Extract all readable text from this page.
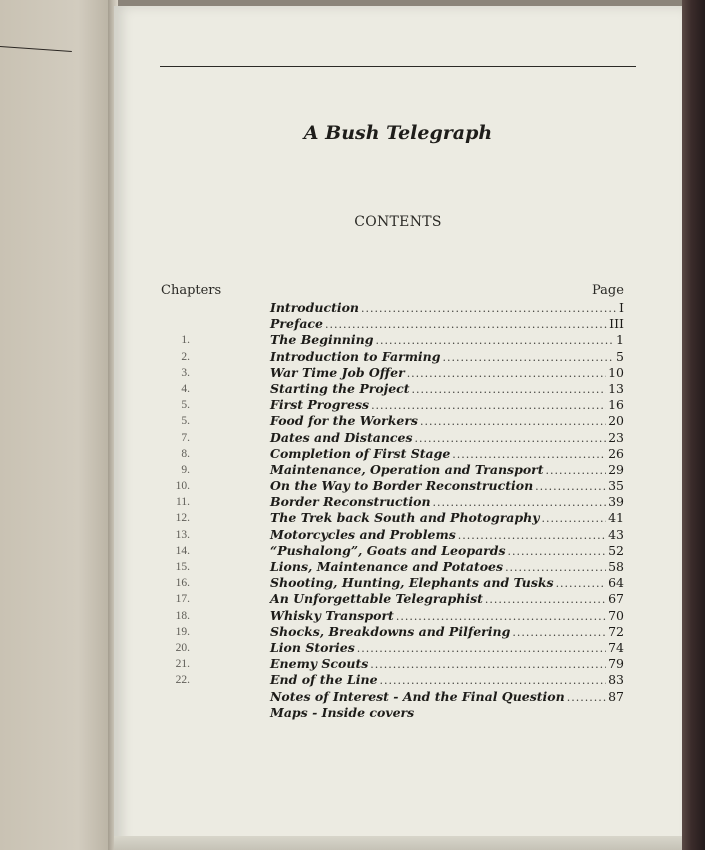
A Bush Telegraph
CONTENTS
Chapters	Page
Introduction .....	I
Preface .....	III
1.	The Beginning .....	1
2.	Introduction to Farming .....	5
3.	War Time Job Offer .....	10
4.	Starting the Project .....	13
5.	First Progress .....	16
5.	Food for the Workers .....	20
7.	Dates and Distances .....	23
8.	Completion of First Stage .....	26
9.	Maintenance, Operation and Transport .....	29
10.	On the Way to Border Reconstruction .....	35
11.	Border Reconstruction .....	39
12.	The Trek back South and Photography .....	41
13.	Motorcycles and Problems .....	43
14.	“Pushalong”, Goats and Leopards .....	52
15.	Lions, Maintenance and Potatoes .....	58
16.	Shooting, Hunting, Elephants and Tusks .....	64
17.	An Unforgettable Telegraphist .....	67
18.	Whisky Transport .....	70
19.	Shocks, Breakdowns and Pilfering .....	72
20.	Lion Stories .....	74
21.	Enemy Scouts .....	79
22.	End of the Line .....	83
Notes of Interest - And the Final Question .....	87
Maps - Inside covers
